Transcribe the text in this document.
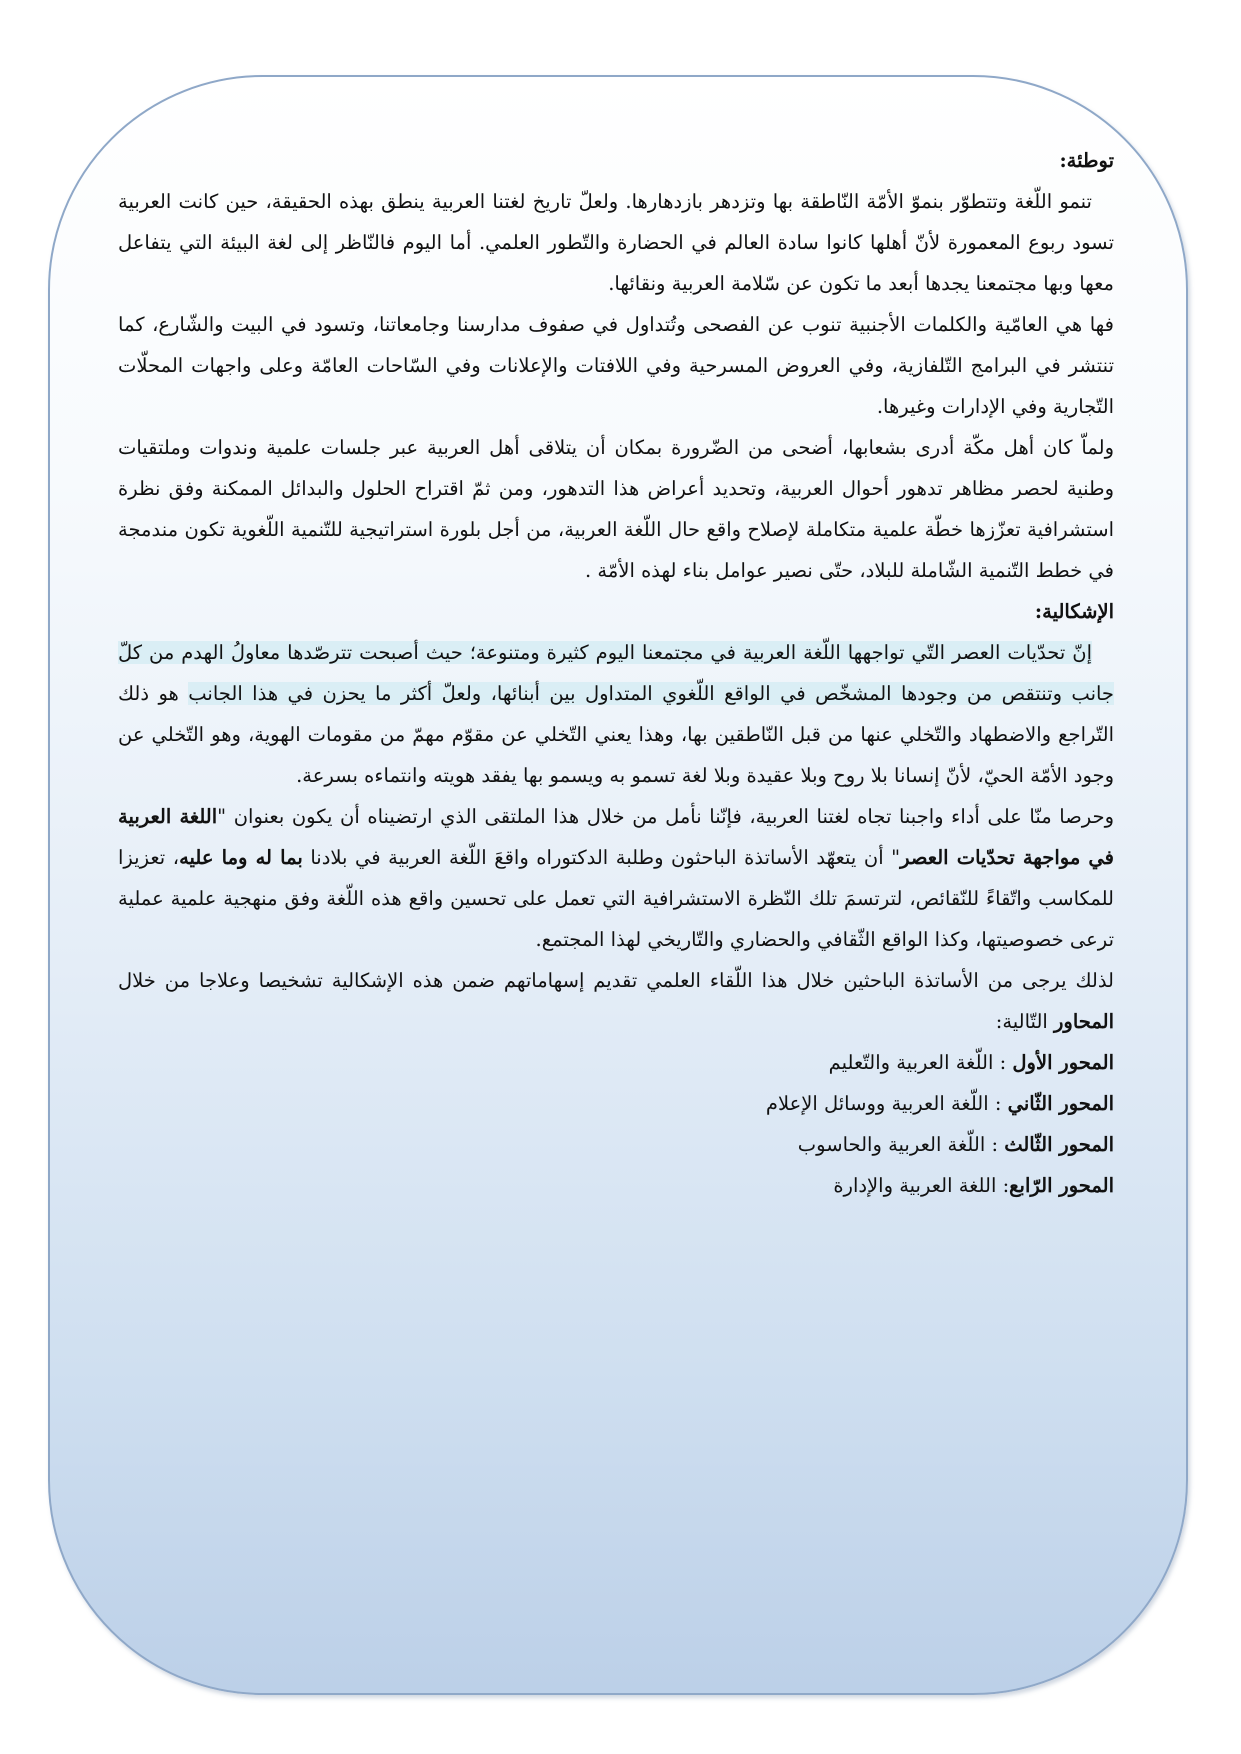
توطئة:

تنمو اللّغة وتتطوّر بنموّ الأمّة النّاطقة بها وتزدهر بازدهارها. ولعلّ تاريخ لغتنا العربية ينطق بهذه الحقيقة، حين كانت العربية تسود ربوع المعمورة لأنّ أهلها كانوا سادة العالم في الحضارة والتّطور العلمي. أما اليوم فالنّاظر إلى لغة البيئة التي يتفاعل معها وبها مجتمعنا يجدها أبعد ما تكون عن سّلامة العربية ونقائها.

فها هي العامّية والكلمات الأجنبية تنوب عن الفصحى وتُتداول في صفوف مدارسنا وجامعاتنا، وتسود في البيت والشّارع، كما تنتشر في البرامج التّلفازية، وفي العروض المسرحية وفي اللافتات والإعلانات وفي السّاحات العامّة وعلى واجهات المحلّات التّجارية وفي الإدارات وغيرها.

ولماّ كان أهل مكّة أدرى بشعابها، أضحى من الضّرورة بمكان أن يتلاقى أهل العربية عبر جلسات علمية وندوات وملتقيات وطنية لحصر مظاهر تدهور أحوال العربية، وتحديد أعراض هذا التدهور، ومن ثمّ اقتراح الحلول والبدائل الممكنة وفق نظرة استشرافية تعزّزها خطّة علمية متكاملة لإصلاح واقع حال اللّغة العربية، من أجل بلورة استراتيجية للتّنمية اللّغوية تكون مندمجة في خطط التّنمية الشّاملة للبلاد، حتّى نصير عوامل بناء لهذه الأمّة .

الإشكالية:

إنّ تحدّيات العصر التّي تواجهها اللّغة العربية في مجتمعنا اليوم كثيرة ومتنوعة؛ حيث أصبحت تترصّدها معاولُ الهدم من كلّ جانب وتنتقص من وجودها المشخّص في الواقع اللّغوي المتداول بين أبنائها، ولعلّ أكثر ما يحزن في هذا الجانب هو ذلك التّراجع والاضطهاد والتّخلي عنها من قبل النّاطقين بها، وهذا يعني التّخلي عن مقوّم مهمّ من مقومات الهوية، وهو التّخلي عن وجود الأمّة الحيّ، لأنّ إنسانا بلا روح وبلا عقيدة وبلا لغة تسمو به ويسمو بها يفقد هويته وانتماءه بسرعة.

وحرصا منّا على أداء واجبنا تجاه لغتنا العربية، فإنّنا نأمل من خلال هذا الملتقى الذي ارتضيناه أن يكون بعنوان "اللغة العربية في مواجهة تحدّيات العصر" أن يتعهّد الأساتذة الباحثون وطلبة الدكتوراه واقعَ اللّغة العربية في بلادنا بما له وما عليه، تعزيزا للمكاسب واتّقاءً للنّقائص، لترتسمَ تلك النّظرة الاستشرافية التي تعمل على تحسين واقع هذه اللّغة وفق منهجية علمية عملية ترعى خصوصيتها، وكذا الواقع الثّقافي والحضاري والتّاريخي لهذا المجتمع.

لذلك يرجى من الأساتذة الباحثين خلال هذا اللّقاء العلمي تقديم إسهاماتهم ضمن هذه الإشكالية تشخيصا وعلاجا من خلال المحاور التّالية:

المحور الأول : اللّغة العربية والتّعليم
المحور الثّاني : اللّغة العربية ووسائل الإعلام
المحور الثّالث : اللّغة العربية والحاسوب
المحور الرّابع: اللغة العربية والإدارة
